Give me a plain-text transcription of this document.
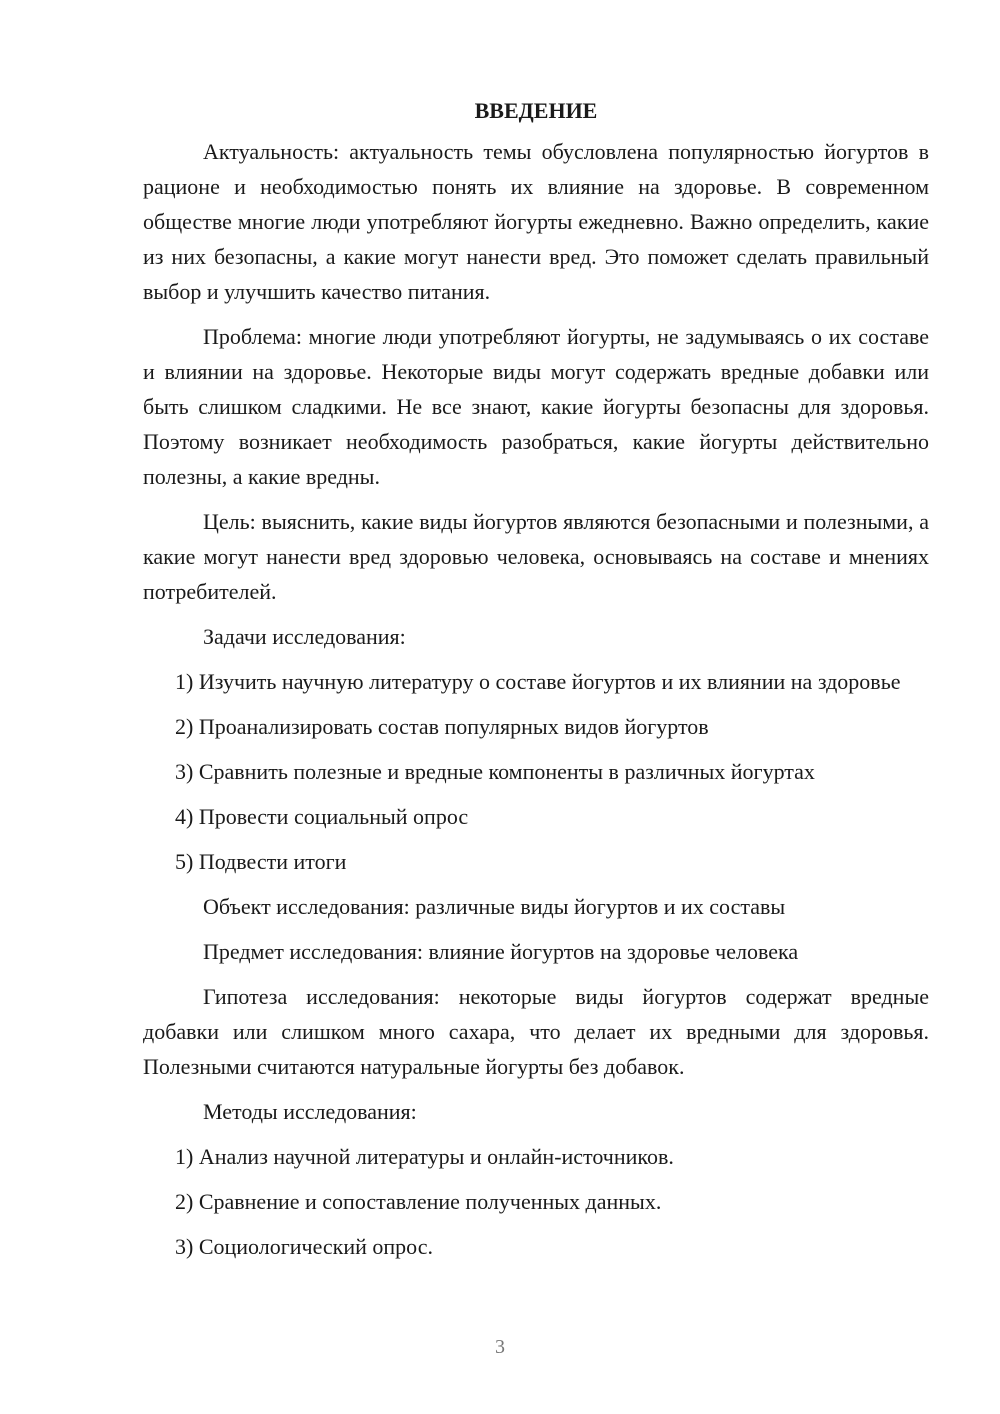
ВВЕДЕНИЕ

Актуальность: актуальность темы обусловлена популярностью йогуртов в рационе и необходимостью понять их влияние на здоровье. В современном обществе многие люди употребляют йогурты ежедневно. Важно определить, какие из них безопасны, а какие могут нанести вред. Это поможет сделать правильный выбор и улучшить качество питания.

Проблема: многие люди употребляют йогурты, не задумываясь о их составе и влиянии на здоровье. Некоторые виды могут содержать вредные добавки или быть слишком сладкими. Не все знают, какие йогурты безопасны для здоровья. Поэтому возникает необходимость разобраться, какие йогурты действительно полезны, а какие вредны.

Цель: выяснить, какие виды йогуртов являются безопасными и полезными, а какие могут нанести вред здоровью человека, основываясь на составе и мнениях потребителей.

Задачи исследования:
1) Изучить научную литературу о составе йогуртов и их влиянии на здоровье
2) Проанализировать состав популярных видов йогуртов
3) Сравнить полезные и вредные компоненты в различных йогуртах
4) Провести социальный опрос
5) Подвести итоги
Объект исследования: различные виды йогуртов и их составы
Предмет исследования: влияние йогуртов на здоровье человека

Гипотеза исследования: некоторые виды йогуртов содержат вредные добавки или слишком много сахара, что делает их вредными для здоровья. Полезными считаются натуральные йогурты без добавок.

Методы исследования:
1) Анализ научной литературы и онлайн-источников.
2) Сравнение и сопоставление полученных данных.
3) Социологический опрос.
3
